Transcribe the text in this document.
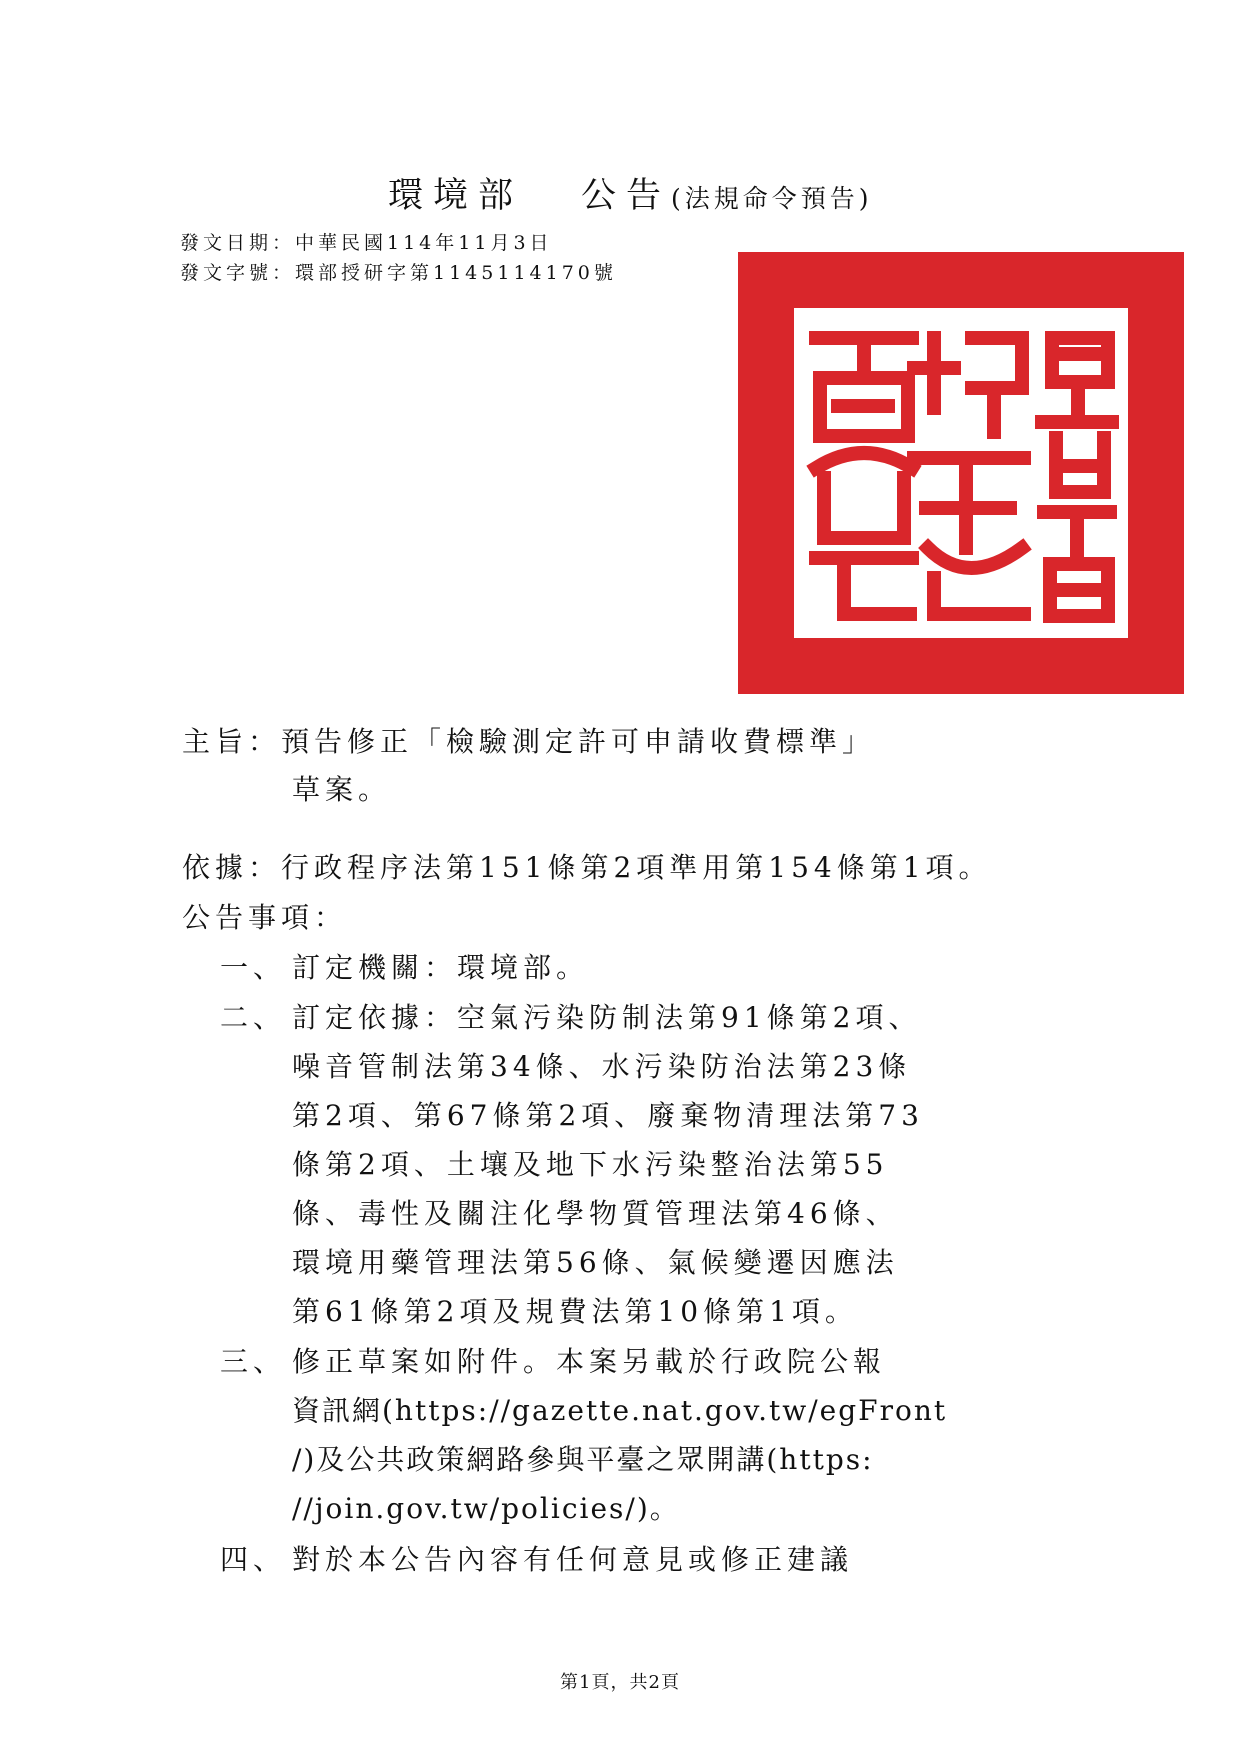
環境部 公告(法規命令預告)
發文日期：中華民國114年11月3日
發文字號：環部授研字第1145114170號
主旨：預告修正「檢驗測定許可申請收費標準」
草案。
依據：行政程序法第151條第2項準用第154條第1項。
公告事項：
一、 訂定機關：環境部。
二、 訂定依據：空氣污染防制法第91條第2項、
噪音管制法第34條、水污染防治法第23條
第2項、第67條第2項、廢棄物清理法第73
條第2項、土壤及地下水污染整治法第55
條、毒性及關注化學物質管理法第46條、
環境用藥管理法第56條、氣候變遷因應法
第61條第2項及規費法第10條第1項。
三、 修正草案如附件。本案另載於行政院公報
資訊網(https://gazette.nat.gov.tw/egFront
/)及公共政策網路參與平臺之眾開講(https:
//join.gov.tw/policies/)。
四、 對於本公告內容有任何意見或修正建議
第1頁，共2頁
